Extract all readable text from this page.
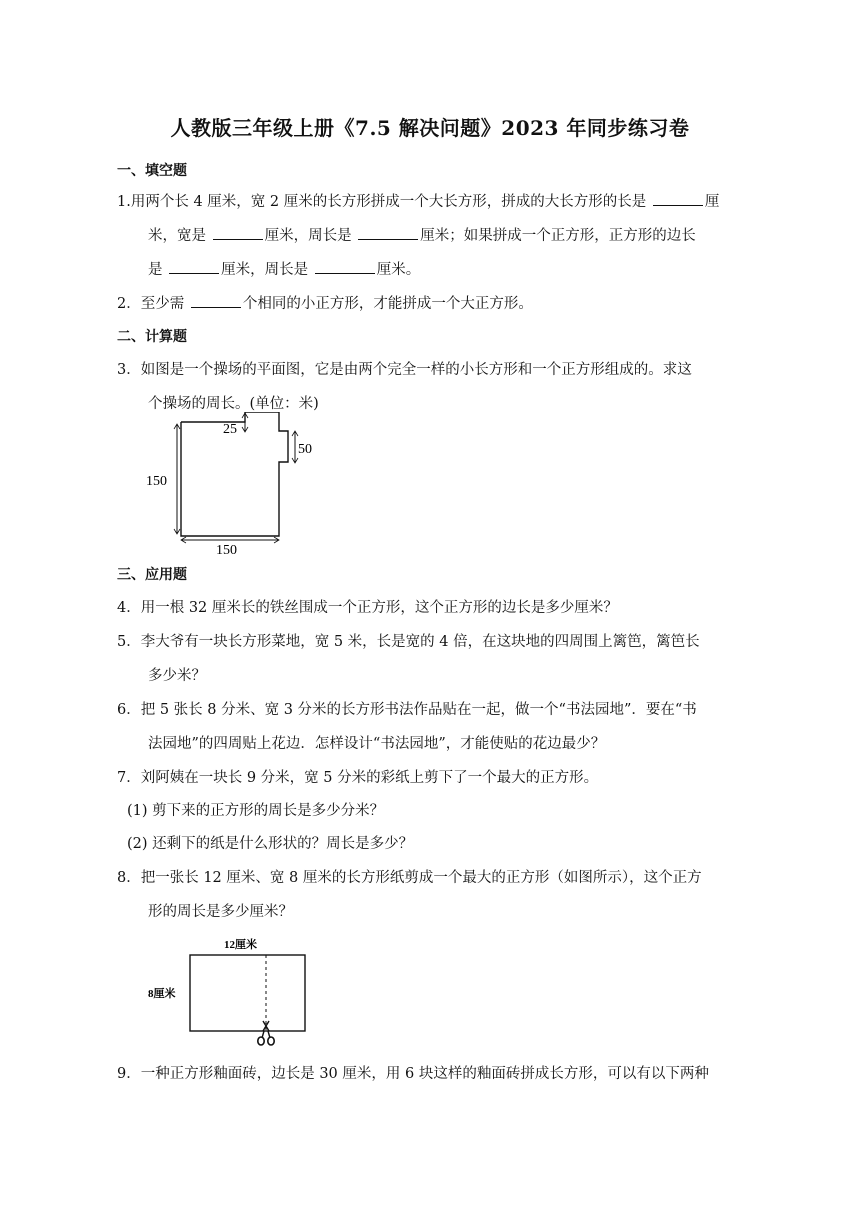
人教版三年级上册《7.5 解决问题》2023 年同步练习卷
一、填空题
1.用两个长 4 厘米，宽 2 厘米的长方形拼成一个大长方形，拼成的大长方形的长是	厘
米，宽是	厘米，周长是	厘米；如果拼成一个正方形，正方形的边长
是	厘米，周长是	厘米。
2．至少需	个相同的小正方形，才能拼成一个大正方形。
二、计算题
3．如图是一个操场的平面图，它是由两个完全一样的小长方形和一个正方形组成的。求这
个操场的周长。(单位：米)
25
50
150
150
三、应用题
4．用一根 32 厘米长的铁丝围成一个正方形，这个正方形的边长是多少厘米？
5．李大爷有一块长方形菜地，宽 5 米，长是宽的 4 倍，在这块地的四周围上篱笆，篱笆长
多少米？
6．把 5 张长 8 分米、宽 3 分米的长方形书法作品贴在一起，做一个“书法园地”．要在“书
法园地”的四周贴上花边．怎样设计“书法园地”，才能使贴的花边最少？
7．刘阿姨在一块长 9 分米，宽 5 分米的彩纸上剪下了一个最大的正方形。
(1) 剪下来的正方形的周长是多少分米？
(2) 还剩下的纸是什么形状的？周长是多少？
8．把一张长 12 厘米、宽 8 厘米的长方形纸剪成一个最大的正方形（如图所示），这个正方
形的周长是多少厘米？
12厘米
8厘米
9．一种正方形釉面砖，边长是 30 厘米，用 6 块这样的釉面砖拼成长方形，可以有以下两种
